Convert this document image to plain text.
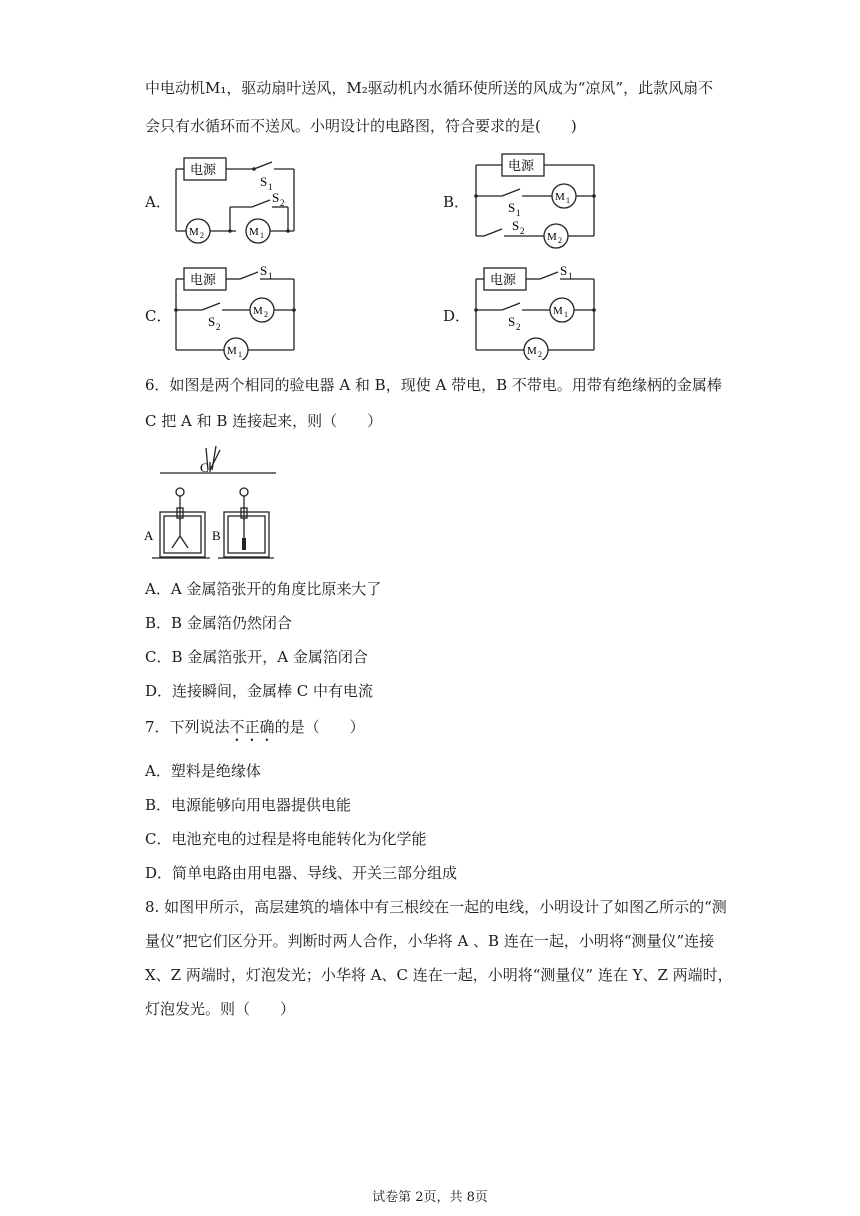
中电动机M₁，驱动扇叶送风，M₂驱动机内水循环使所送的风成为“凉风”，此款风扇不
会只有水循环而不送风。小明设计的电路图，符合要求的是(　　)
A．
电源
S 1
S 2
M 2	M 1
B．
电源
S 1
S 2
M 1
M 2
C．
电源
S 1
S 2
M 2
M 1
D．
电源
S 1
S 2
M 1
M 2
6．如图是两个相同的验电器 A 和 B，现使 A 带电，B 不带电。用带有绝缘柄的金属棒
C 把 A 和 B 连接起来，则（　　）
C
A	B
A．A 金属箔张开的角度比原来大了
B．B 金属箔仍然闭合
C．B 金属箔张开，A 金属箔闭合
D．连接瞬间，金属棒 C 中有电流
7．下列说法不正确的是（　　）
A．塑料是绝缘体
B．电源能够向用电器提供电能
C．电池充电的过程是将电能转化为化学能
D．简单电路由用电器、导线、开关三部分组成
8. 如图甲所示，高层建筑的墙体中有三根绞在一起的电线，小明设计了如图乙所示的“测
量仪”把它们区分开。判断时两人合作，小华将 A 、B 连在一起，小明将“测量仪”连接
X、Z 两端时，灯泡发光；小华将 A、C 连在一起，小明将“测量仪” 连在 Y、Z 两端时，
灯泡发光。则（　　）
试卷第 2页，共 8页
